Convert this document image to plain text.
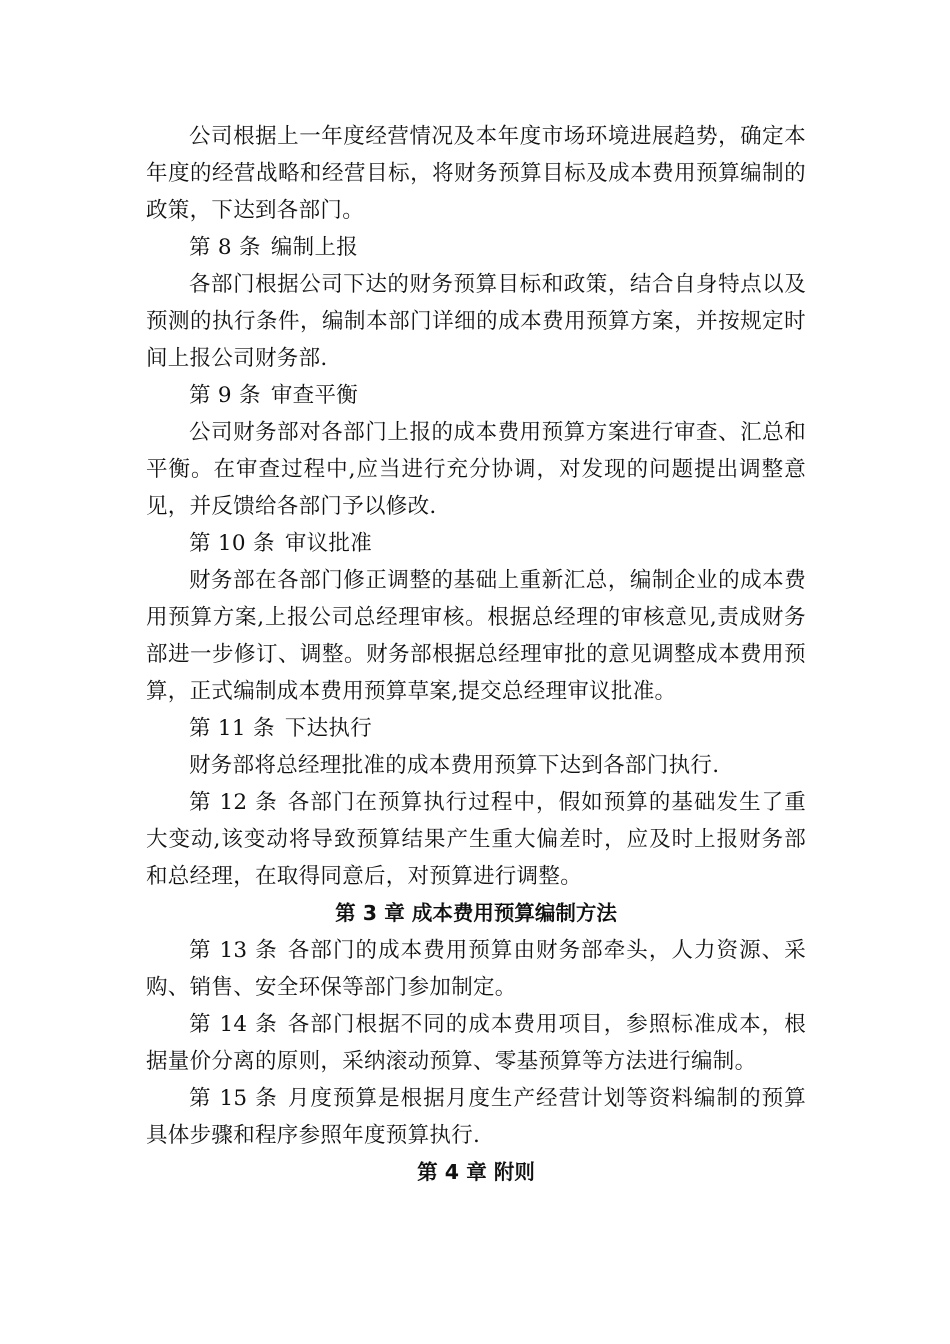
公司根据上一年度经营情况及本年度市场环境进展趋势，确定本年度的经营战略和经营目标，将财务预算目标及成本费用预算编制的政策，下达到各部门。

第 8 条 编制上报

各部门根据公司下达的财务预算目标和政策，结合自身特点以及预测的执行条件，编制本部门详细的成本费用预算方案，并按规定时间上报公司财务部.

第 9 条 审查平衡

公司财务部对各部门上报的成本费用预算方案进行审查、汇总和平衡。在审查过程中,应当进行充分协调，对发现的问题提出调整意见，并反馈给各部门予以修改.

第 10 条 审议批准

财务部在各部门修正调整的基础上重新汇总，编制企业的成本费用预算方案,上报公司总经理审核。根据总经理的审核意见,责成财务部进一步修订、调整。财务部根据总经理审批的意见调整成本费用预算，正式编制成本费用预算草案,提交总经理审议批准。

第 11 条 下达执行

财务部将总经理批准的成本费用预算下达到各部门执行.

第 12 条 各部门在预算执行过程中，假如预算的基础发生了重大变动,该变动将导致预算结果产生重大偏差时，应及时上报财务部和总经理，在取得同意后，对预算进行调整。

第 3 章 成本费用预算编制方法

第 13 条 各部门的成本费用预算由财务部牵头，人力资源、采购、销售、安全环保等部门参加制定。

第 14 条 各部门根据不同的成本费用项目，参照标准成本，根据量价分离的原则，采纳滚动预算、零基预算等方法进行编制。

第 15 条 月度预算是根据月度生产经营计划等资料编制的预算具体步骤和程序参照年度预算执行.

第 4 章 附则
